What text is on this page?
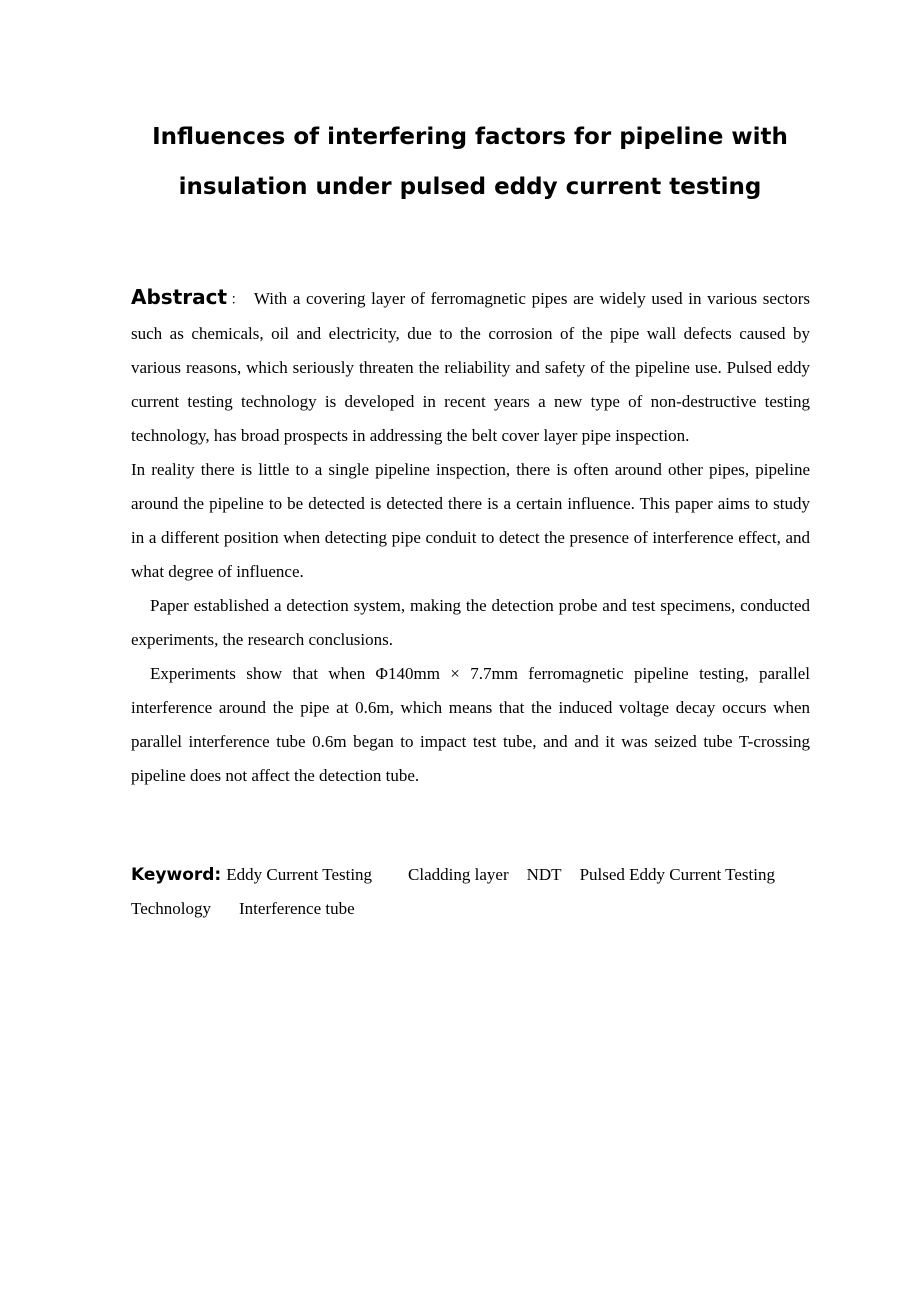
Influences of interfering factors for pipeline with
insulation under pulsed eddy current testing

Abstract ： With a covering layer of ferromagnetic pipes are widely used in various sectors such as chemicals, oil and electricity, due to the corrosion of the pipe wall defects caused by various reasons, which seriously threaten the reliability and safety of the pipeline use. Pulsed eddy current testing technology is developed in recent years a new type of non-destructive testing technology, has broad prospects in addressing the belt cover layer pipe inspection.

In reality there is little to a single pipeline inspection, there is often around other pipes, pipeline around the pipeline to be detected is detected there is a certain influence. This paper aims to study in a different position when detecting pipe conduit to detect the presence of interference effect, and what degree of influence.

Paper established a detection system, making the detection probe and test specimens, conducted experiments, the research conclusions.

Experiments show that when Φ140mm × 7.7mm ferromagnetic pipeline testing, parallel interference around the pipe at 0.6m, which means that the induced voltage decay occurs when parallel interference tube 0.6m began to impact test tube, and and it was seized tube T-crossing pipeline does not affect the detection tube.

Keyword: Eddy Current Testing Cladding layer NDT Pulsed Eddy Current Testing Technology Interference tube
